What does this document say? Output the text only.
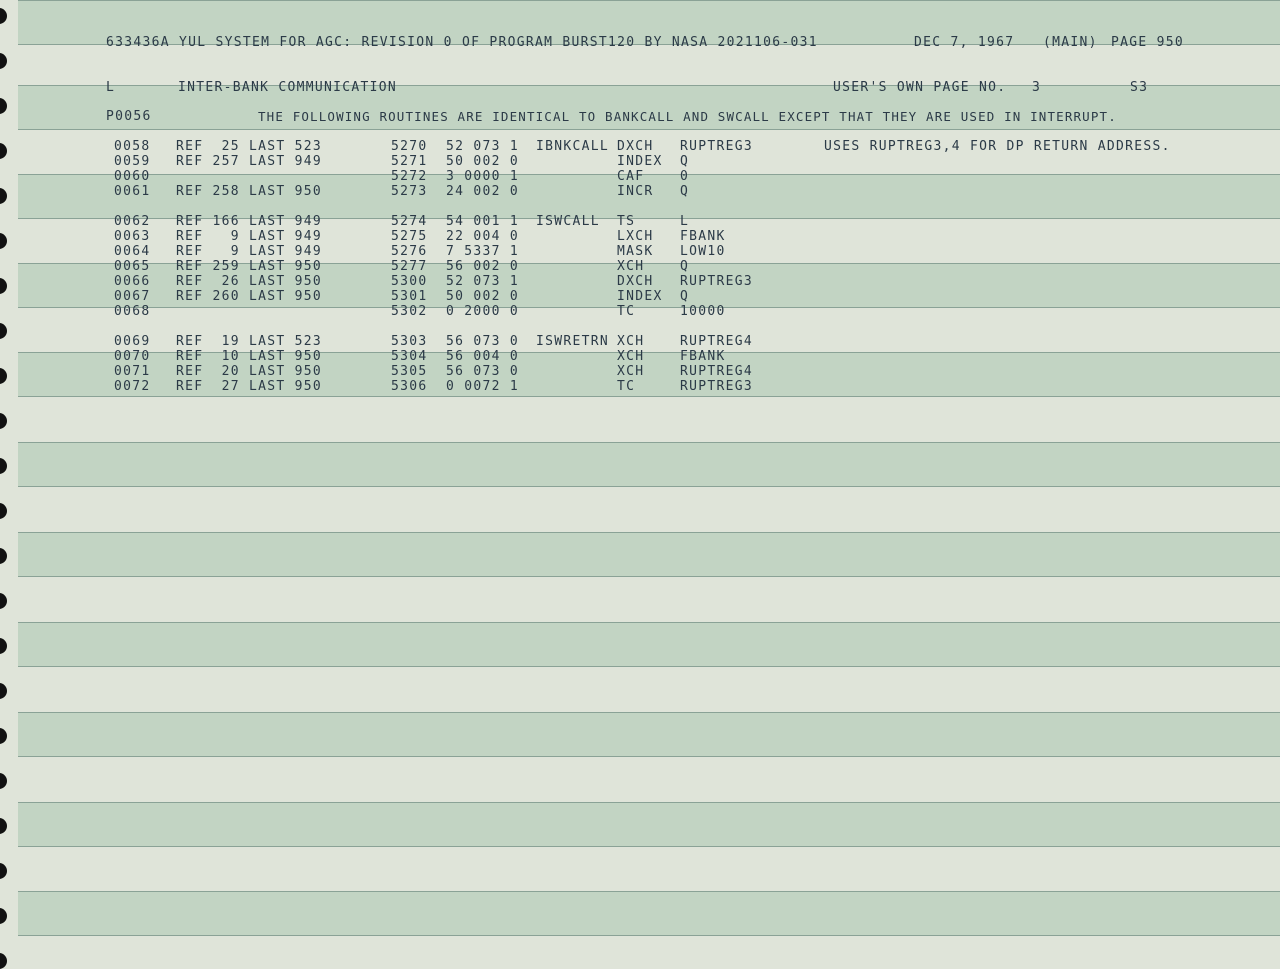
633436A YUL SYSTEM FOR AGC: REVISION 0 OF PROGRAM BURST120 BY NASA 2021106-031	DEC 7, 1967 (MAIN) PAGE 950
L	INTER-BANK COMMUNICATION	USER'S OWN PAGE NO. 3	S3
P0056	THE FOLLOWING ROUTINES ARE IDENTICAL TO BANKCALL AND SWCALL EXCEPT THAT THEY ARE USED IN INTERRUPT.
0058 REF  25 LAST 523	5270 52 073 1 IBNKCALL DXCH RUPTREG3	USES RUPTREG3,4 FOR DP RETURN ADDRESS.
0059 REF 257 LAST 949	5271 50 002 0	INDEX Q
0060	5272 3 0000 1	CAF	0
0061 REF 258 LAST 950	5273 24 002 0	INCR Q
0062 REF 166 LAST 949	5274 54 001 1 ISWCALL TS	L
0063 REF   9 LAST 949	5275 22 004 0	LXCH FBANK
0064 REF   9 LAST 949	5276 7 5337 1	MASK LOW10
0065 REF 259 LAST 950	5277 56 002 0	XCH	Q
0066 REF  26 LAST 950	5300 52 073 1	DXCH RUPTREG3
0067 REF 260 LAST 950	5301 50 002 0	INDEX Q
0068	5302 0 2000 0	TC	10000
0069 REF  19 LAST 523	5303 56 073 0 ISWRETRN XCH	RUPTREG4
0070 REF  10 LAST 950	5304 56 004 0	XCH	FBANK
0071 REF  20 LAST 950	5305 56 073 0	XCH	RUPTREG4
0072 REF  27 LAST 950	5306 0 0072 1	TC	RUPTREG3
